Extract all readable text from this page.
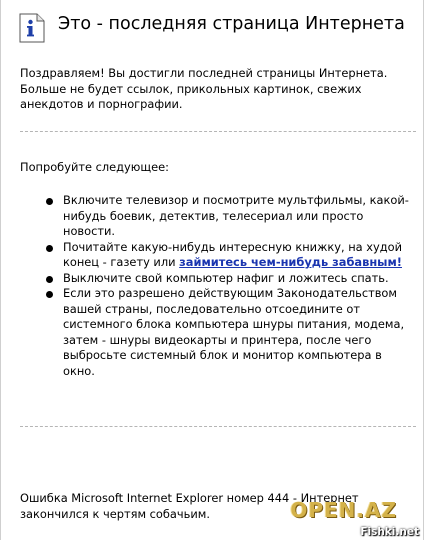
Это - последняя страница Интернета
Поздравляем! Вы достигли последней страницы Интернета. Больше не будет ссылок, прикольных картинок, свежих анекдотов и порнографии.
Попробуйте следующее:
Включите телевизор и посмотрите мультфильмы, какой-нибудь боевик, детектив, телесериал или просто новости.
Почитайте какую-нибудь интересную книжку, на худой конец - газету или займитесь чем-нибудь забавным!
Выключите свой компьютер нафиг и ложитесь спать.
Если это разрешено действующим Законодательством вашей страны, последовательно отсоедините от системного блока компьютера шнуры питания, модема, затем - шнуры видеокарты и принтера, после чего выбросьте системный блок и монитор компьютера в окно.
Ошибка Microsoft Internet Explorer номер 444 - Интернет закончился к чертям собачьим.	OPEN.AZ
Fishki.net
